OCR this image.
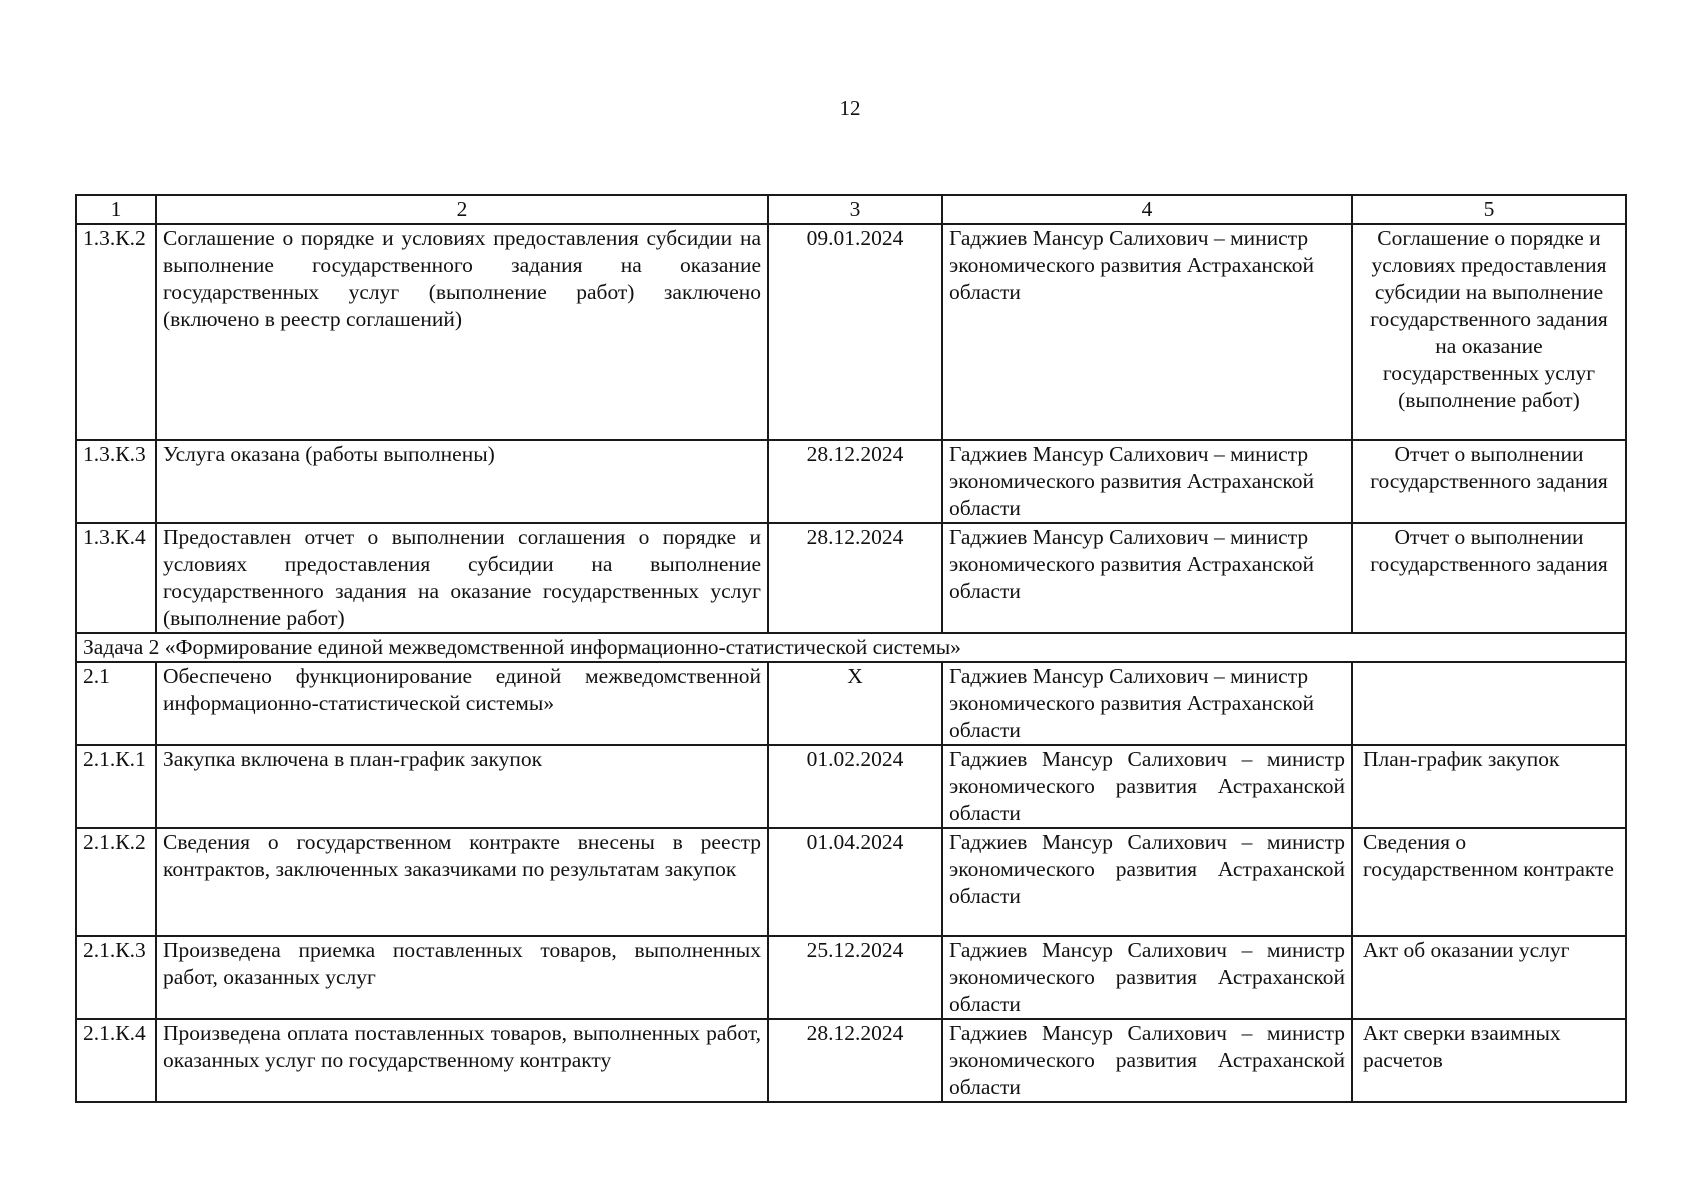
12
1	2	3	4	5
1.3.К.2	Соглашение о порядке и условиях предоставления субсидии на выполнение государственного задания на оказание государственных услуг (выполнение работ) заключено (включено в реестр соглашений)	09.01.2024	Гаджиев Мансур Салихович – министр экономического развития Астраханской области	Соглашение о порядке и условиях предоставления субсидии на выполнение государственного задания на оказание государственных услуг (выполнение работ)
1.3.К.3	Услуга оказана (работы выполнены)	28.12.2024	Гаджиев Мансур Салихович – министр экономического развития Астраханской области	Отчет о выполнении государственного задания
1.3.К.4	Предоставлен отчет о выполнении соглашения о порядке и условиях предоставления субсидии на выполнение государственного задания на оказание государственных услуг (выполнение работ)	28.12.2024	Гаджиев Мансур Салихович – министр экономического развития Астраханской области	Отчет о выполнении государственного задания
Задача 2 «Формирование единой межведомственной информационно-статистической системы»				
2.1	Обеспечено функционирование единой межведомственной информационно-статистической системы»	Х	Гаджиев Мансур Салихович – министр экономического развития Астраханской области	
2.1.К.1	Закупка включена в план-график закупок	01.02.2024	Гаджиев Мансур Салихович – министр экономического развития Астраханской области	План-график закупок
2.1.К.2	Сведения о государственном контракте внесены в реестр контрактов, заключенных заказчиками по результатам закупок	01.04.2024	Гаджиев Мансур Салихович – министр экономического развития Астраханской области	Сведения о государственном контракте
2.1.К.3	Произведена приемка поставленных товаров, выполненных работ, оказанных услуг	25.12.2024	Гаджиев Мансур Салихович – министр экономического развития Астраханской области	Акт об оказании услуг
2.1.К.4	Произведена оплата поставленных товаров, выполненных работ, оказанных услуг по государственному контракту	28.12.2024	Гаджиев Мансур Салихович – министр экономического развития Астраханской области	Акт сверки взаимных расчетов
